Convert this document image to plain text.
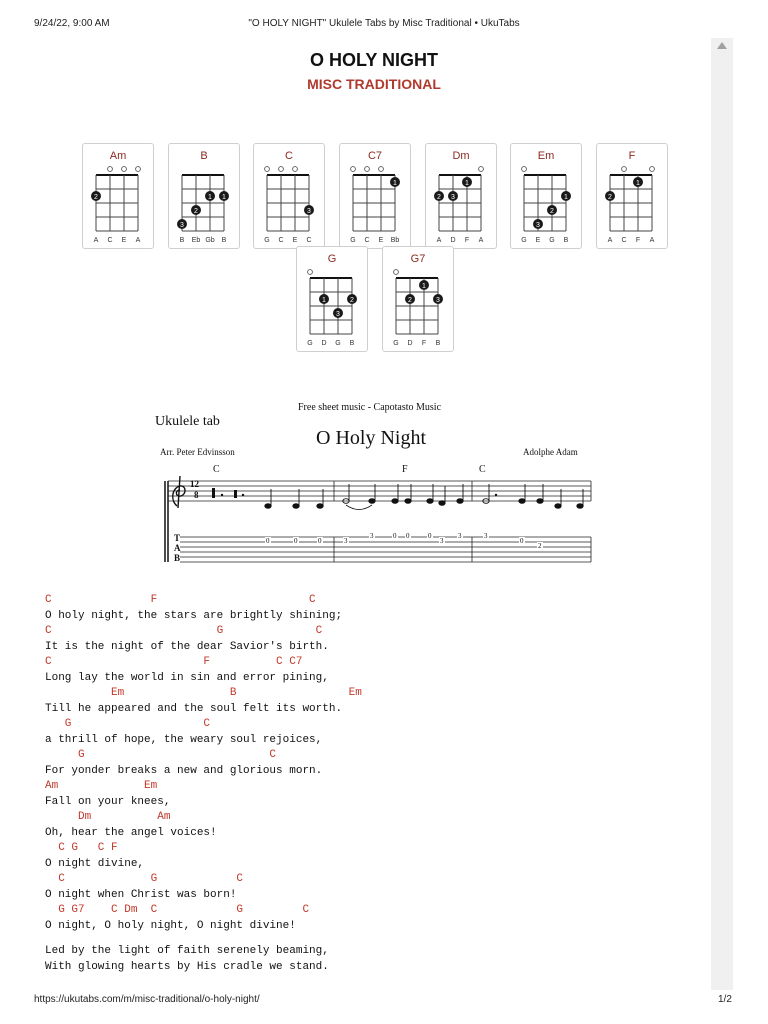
9/24/22, 9:00 AM	"O HOLY NIGHT" Ukulele Tabs by Misc Traditional • UkuTabs
O HOLY NIGHT
MISC TRADITIONAL
Am
2
A	C	E	A
B
3
2
1 1
B	Eb Gb B
C
3
G	C	E	C
C7
1
G	C	E	Bb
Dm
2 3
1
A	D	F	A
Em
3
2
1
G	E	G	B
F
2
1
A	C	F	A
G
1
3
2
G	D	G	B
G7
2
1
3
G	D	F	B
Free sheet music - Capotasto Music
Ukulele tab
O Holy Night
Arr. Peter Edvinsson	Adolphe Adam
C	F	C
12
8
T
A
B
0	0	0	3
3	0 0	0
3
3	3
0
2
C               F                       C
O holy night, the stars are brightly shining;
C                         G              C
It is the night of the dear Savior's birth.
C                       F          C C7
Long lay the world in sin and error pining,
Em                B                 Em
Till he appeared and the soul felt its worth.
G                    C
a thrill of hope, the weary soul rejoices,
G                            C
For yonder breaks a new and glorious morn.
Am             Em
Fall on your knees,
Dm          Am
Oh, hear the angel voices!
C G   C F
O night divine,
C             G            C
O night when Christ was born!
G G7    C Dm  C            G         C
O night, O holy night, O night divine!
Led by the light of faith serenely beaming,
With glowing hearts by His cradle we stand.
https://ukutabs.com/m/misc-traditional/o-holy-night/	1/2
